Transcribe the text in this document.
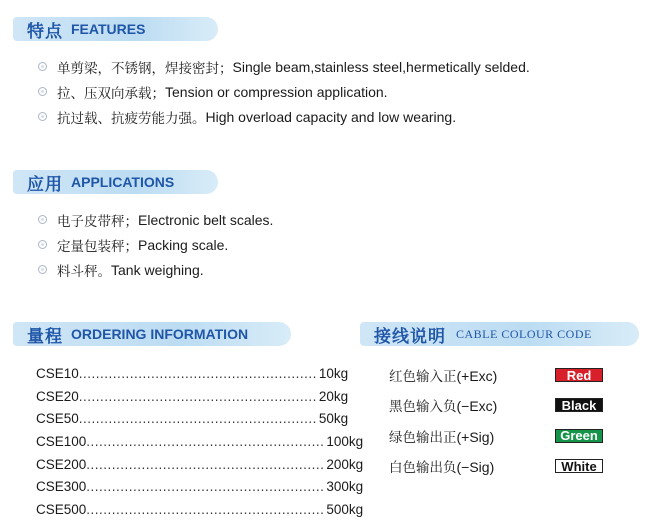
特点 FEATURES
单剪梁，不锈钢，焊接密封； Single beam,stainless steel,hermetically selded.
拉、压双向承载； Tension or compression application.
抗过载、抗疲劳能力强。 High overload capacity and low wearing.
应用 APPLICATIONS
电子皮带秤； Electronic belt scales.
定量包装秤； Packing scale.
料斗秤。 Tank weighing.
量程 ORDERING INFORMATION
CSE10 ........................................................ 10kg
CSE20 ........................................................ 20kg
CSE50 ........................................................ 50kg
CSE100 ........................................................ 100kg
CSE200 ........................................................ 200kg
CSE300 ........................................................ 300kg
CSE500 ........................................................ 500kg
接线说明 CABLE COLOUR CODE
红色输入正(+Exc)	Red
黑色输入负(−Exc)	Black
绿色输出正(+Sig)	Green
白色输出负(−Sig)	White
